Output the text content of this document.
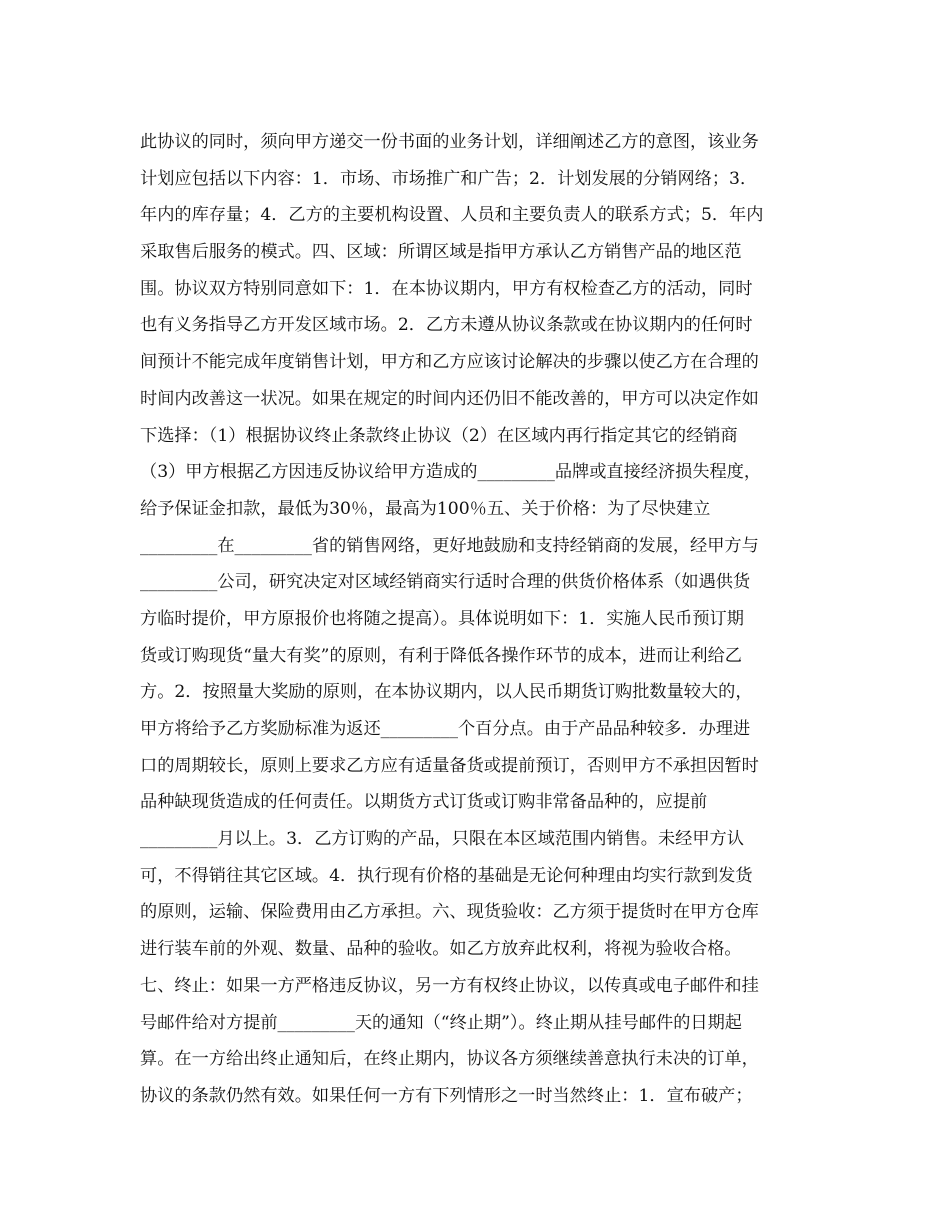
此协议的同时，须向甲方递交一份书面的业务计划，详细阐述乙方的意图，该业务
计划应包括以下内容：1．市场、市场推广和广告；2．计划发展的分销网络；3．
年内的库存量；4．乙方的主要机构设置、人员和主要负责人的联系方式；5．年内
采取售后服务的模式。四、区域：所谓区域是指甲方承认乙方销售产品的地区范
围。协议双方特别同意如下：1．在本协议期内，甲方有权检查乙方的活动，同时
也有义务指导乙方开发区域市场。2．乙方未遵从协议条款或在协议期内的任何时
间预计不能完成年度销售计划，甲方和乙方应该讨论解决的步骤以使乙方在合理的
时间内改善这一状况。如果在规定的时间内还仍旧不能改善的，甲方可以决定作如
下选择：（1）根据协议终止条款终止协议（2）在区域内再行指定其它的经销商
（3）甲方根据乙方因违反协议给甲方造成的_________品牌或直接经济损失程度，
给予保证金扣款，最低为30％，最高为100％五、关于价格：为了尽快建立
_________在_________省的销售网络，更好地鼓励和支持经销商的发展，经甲方与
_________公司，研究决定对区域经销商实行适时合理的供货价格体系（如遇供货
方临时提价，甲方原报价也将随之提高）。具体说明如下：1．实施人民币预订期
货或订购现货“量大有奖”的原则，有利于降低各操作环节的成本，进而让利给乙
方。2．按照量大奖励的原则，在本协议期内，以人民币期货订购批数量较大的，
甲方将给予乙方奖励标准为返还_________个百分点。由于产品品种较多．办理进
口的周期较长，原则上要求乙方应有适量备货或提前预订，否则甲方不承担因暂时
品种缺现货造成的任何责任。以期货方式订货或订购非常备品种的，应提前
_________月以上。3．乙方订购的产品，只限在本区域范围内销售。未经甲方认
可，不得销往其它区域。4．执行现有价格的基础是无论何种理由均实行款到发货
的原则，运输、保险费用由乙方承担。六、现货验收：乙方须于提货时在甲方仓库
进行装车前的外观、数量、品种的验收。如乙方放弃此权利，将视为验收合格。
七、终止：如果一方严格违反协议，另一方有权终止协议，以传真或电子邮件和挂
号邮件给对方提前_________天的通知（“终止期”）。终止期从挂号邮件的日期起
算。在一方给出终止通知后，在终止期内，协议各方须继续善意执行未决的订单，
协议的条款仍然有效。如果任何一方有下列情形之一时当然终止：1．宣布破产；
